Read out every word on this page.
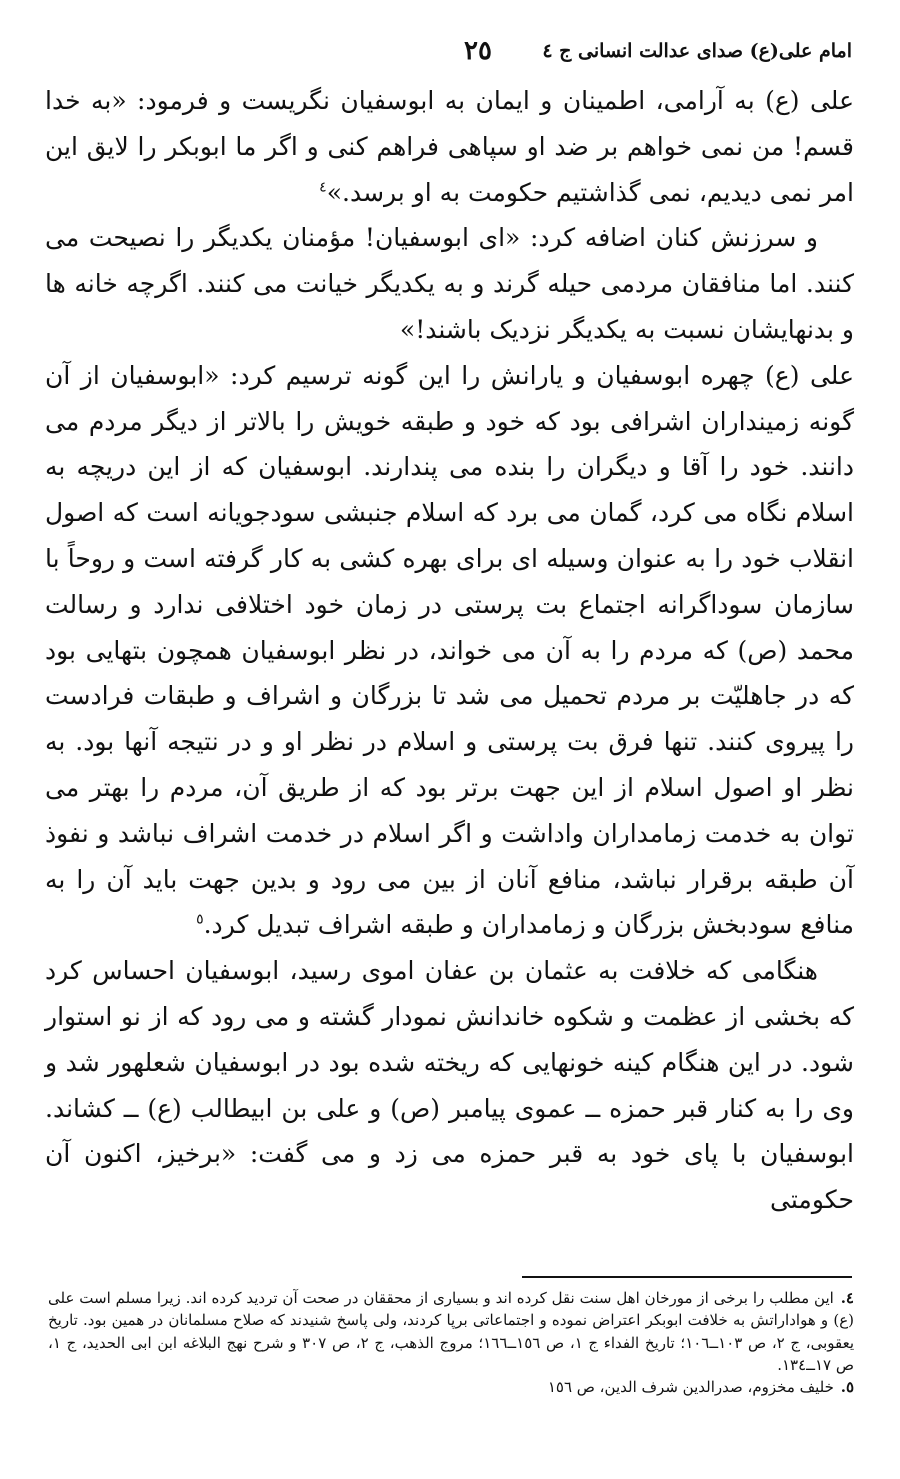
امام علی(ع) صدای عدالت انسانی ج ٤
٢٥

علی (ع) به آرامی، اطمینان و ایمان به ابوسفیان نگریست و فرمود: «به خدا قسم! من نمی خواهم بر ضد او سپاهی فراهم کنی و اگر ما ابوبکر را لایق این امر نمی دیدیم، نمی گذاشتیم حکومت به او برسد.»$^٤$

و سرزنش کنان اضافه کرد: «ای ابوسفیان! مؤمنان یکدیگر را نصیحت می کنند. اما منافقان مردمی حیله گرند و به یکدیگر خیانت می کنند. اگرچه خانه ها و بدنهایشان نسبت به یکدیگر نزدیک باشند!»

علی (ع) چهره ابوسفیان و یارانش را این گونه ترسیم کرد: «ابوسفیان از آن گونه زمینداران اشرافی بود که خود و طبقه خویش را بالاتر از دیگر مردم می دانند. خود را آقا و دیگران را بنده می پندارند. ابوسفیان که از این دریچه به اسلام نگاه می کرد، گمان می برد که اسلام جنبشی سودجویانه است که اصول انقلاب خود را به عنوان وسیله ای برای بهره کشی به کار گرفته است و روحاً با سازمان سوداگرانه اجتماع بت پرستی در زمان خود اختلافی ندارد و رسالت محمد (ص) که مردم را به آن می خواند، در نظر ابوسفیان همچون بتهایی بود که در جاهلیّت بر مردم تحمیل می شد تا بزرگان و اشراف و طبقات فرادست را پیروی کنند. تنها فرق بت پرستی و اسلام در نظر او و در نتیجه آنها بود. به نظر او اصول اسلام از این جهت برتر بود که از طریق آن، مردم را بهتر می توان به خدمت زمامداران واداشت و اگر اسلام در خدمت اشراف نباشد و نفوذ آن طبقه برقرار نباشد، منافع آنان از بین می رود و بدین جهت باید آن را به منافع سودبخش بزرگان و زمامداران و طبقه اشراف تبدیل کرد.$^٥$

هنگامی که خلافت به عثمان بن عفان اموی رسید، ابوسفیان احساس کرد که بخشی از عظمت و شکوه خاندانش نمودار گشته و می رود که از نو استوار شود. در این هنگام کینه خونهایی که ریخته شده بود در ابوسفیان شعلهور شد و وی را به کنار قبر حمزه ــ عموی پیامبر (ص) و علی بن ابیطالب (ع) ــ کشاند. ابوسفیان با پای خود به قبر حمزه می زد و می گفت: «برخیز، اکنون آن حکومتی

٤. این مطلب را برخی از مورخان اهل سنت نقل کرده اند و بسیاری از محققان در صحت آن تردید کرده اند. زیرا مسلم است علی (ع) و هواداراتش به خلافت ابوبکر اعتراض نموده و اجتماعاتی برپا کردند، ولی پاسخ شنیدند که صلاح مسلمانان در همین بود. تاریخ یعقوبی، ج ٢، ص ١٠٣ــ١٠٦؛ تاریخ الفداء ج ١، ص ١٥٦ــ١٦٦؛ مروج الذهب، ج ٢، ص ٣٠٧ و شرح نهج البلاغه ابن ابی الحدید، ج ١، ص ١٧ــ١٣٤.

٥. خلیف مخزوم، صدرالدین شرف الدین، ص ١٥٦
